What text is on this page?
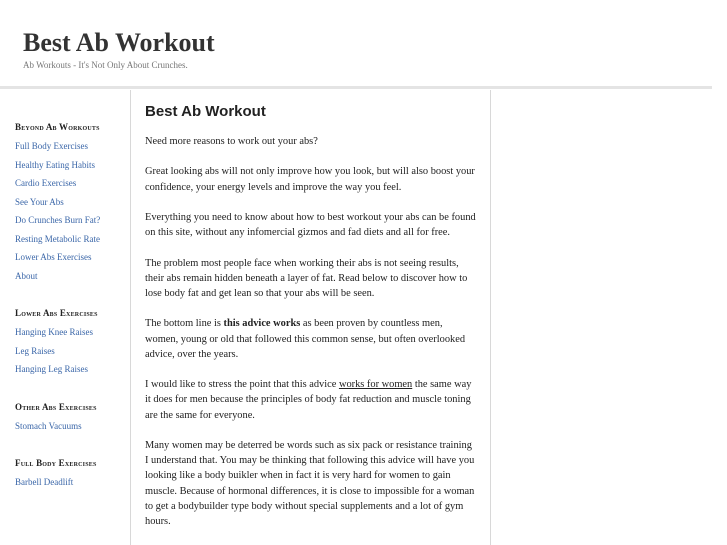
Best Ab Workout
Ab Workouts - It's Not Only About Crunches.
Beyond Ab Workouts
Full Body Exercises
Healthy Eating Habits
Cardio Exercises
See Your Abs
Do Crunches Burn Fat?
Resting Metabolic Rate
Lower Abs Exercises
About
Lower Abs Exercises
Hanging Knee Raises
Leg Raises
Hanging Leg Raises
Other Abs Exercises
Stomach Vacuums
Full Body Exercises
Barbell Deadlift
Best Ab Workout

Need more reasons to work out your abs?

Great looking abs will not only improve how you look, but will also boost your confidence, your energy levels and improve the way you feel.

Everything you need to know about how to best workout your abs can be found on this site, without any infomercial gizmos and fad diets and all for free.

The problem most people face when working their abs is not seeing results, their abs remain hidden beneath a layer of fat. Read below to discover how to lose body fat and get lean so that your abs will be seen.

The bottom line is this advice works as been proven by countless men, women, young or old that followed this common sense, but often overlooked advice, over the years.

I would like to stress the point that this advice works for women the same way it does for men because the principles of body fat reduction and muscle toning are the same for everyone.

Many women may be deterred be words such as six pack or resistance training I understand that. You may be thinking that following this advice will have you looking like a body buikler when in fact it is very hard for women to gain muscle. Because of hormonal differences, it is close to impossible for a woman to get a bodybuilder type body without special supplements and a lot of gym hours.
